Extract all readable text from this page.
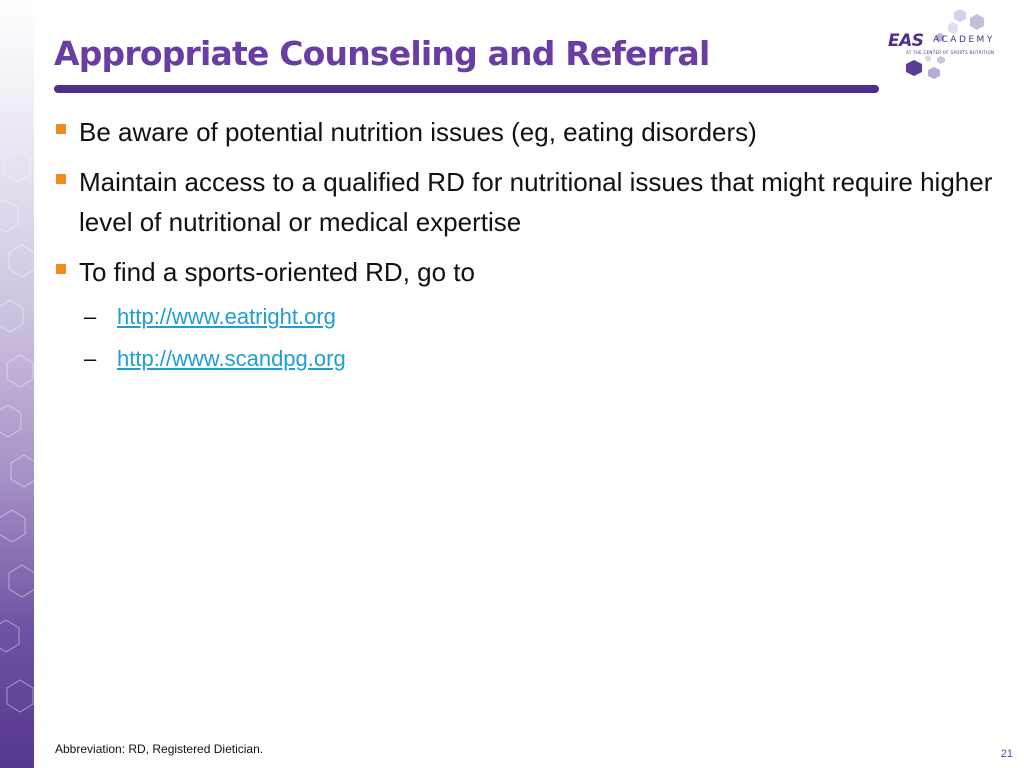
Appropriate Counseling and Referral	EAS ACADEMY
AT THE CENTER OF SPORTS NUTRITION

Be aware of potential nutrition issues (eg, eating disorders)

Maintain access to a qualified RD for nutritional issues that might require higher level of nutritional or medical expertise

To find a sports-oriented RD, go to

– http://www.eatright.org

– http://www.scandpg.org

Abbreviation: RD, Registered Dietician.	21
